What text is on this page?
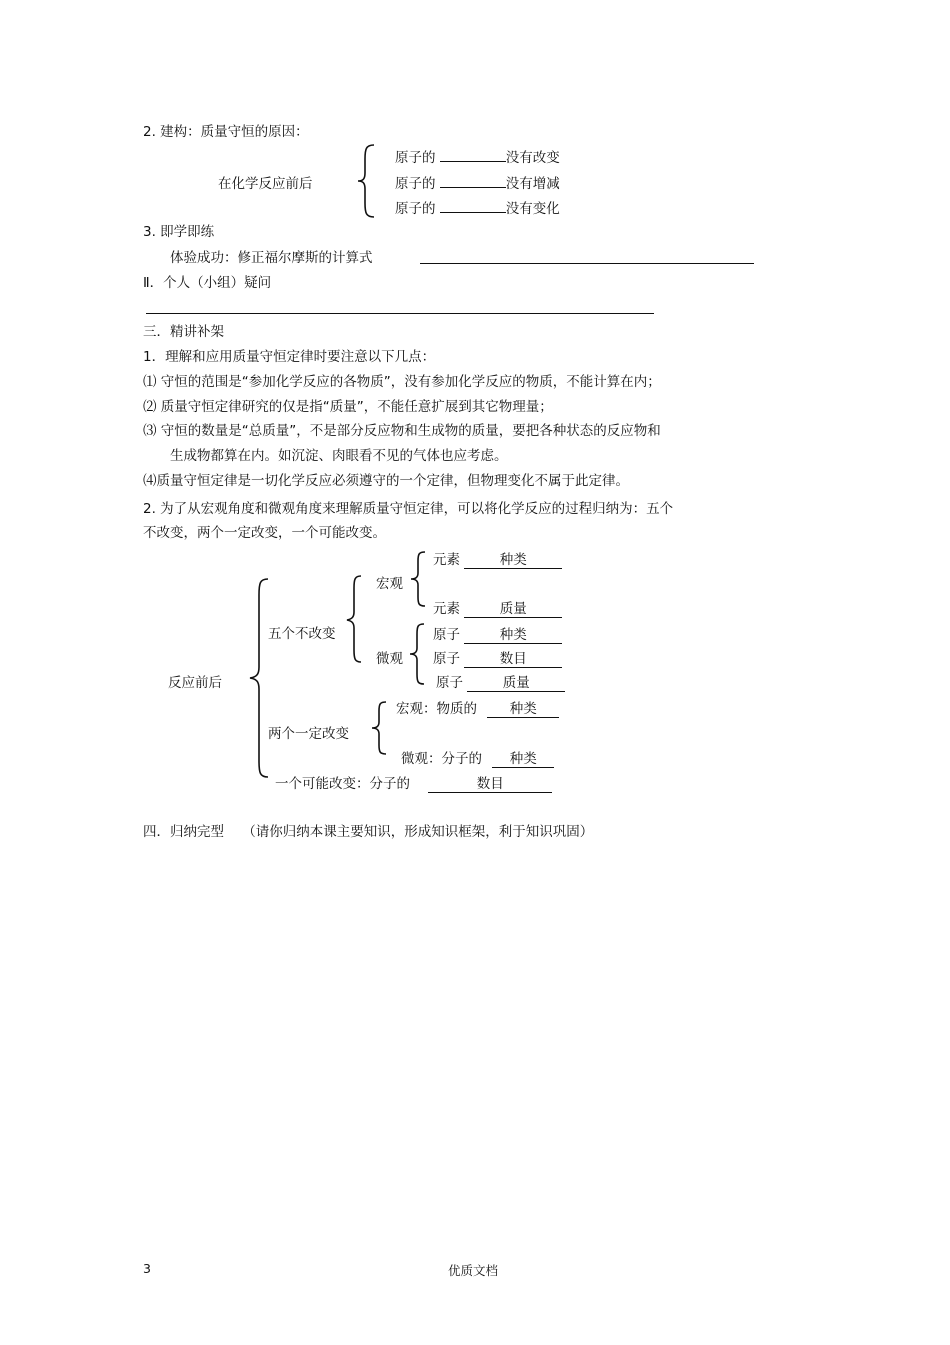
2. 建构：质量守恒的原因：
在化学反应前后
原子的	没有改变
原子的	没有增减
原子的	没有变化
3. 即学即练
体验成功：修正福尔摩斯的计算式
Ⅱ．个人（小组）疑问
三．精讲补架
1．理解和应用质量守恒定律时要注意以下几点：
⑴ 守恒的范围是“参加化学反应的各物质”，没有参加化学反应的物质，不能计算在内；
⑵ 质量守恒定律研究的仅是指“质量”，不能任意扩展到其它物理量；
⑶ 守恒的数量是“总质量”，不是部分反应物和生成物的质量，要把各种状态的反应物和
生成物都算在内。如沉淀、肉眼看不见的气体也应考虑。
⑷质量守恒定律是一切化学反应必须遵守的一个定律，但物理变化不属于此定律。
2. 为了从宏观角度和微观角度来理解质量守恒定律，可以将化学反应的过程归纳为：五个
不改变，两个一定改变，一个可能改变。
反应前后
五个不改变
宏观
元素	种类
元素	质量
微观
原子	种类
原子	数目
原子	质量
两个一定改变
宏观：物质的 种类
微观：分子的 种类
一个可能改变：分子的	数目
四．归纳完型 （请你归纳本课主要知识，形成知识框架，利于知识巩固）
3	优质文档
